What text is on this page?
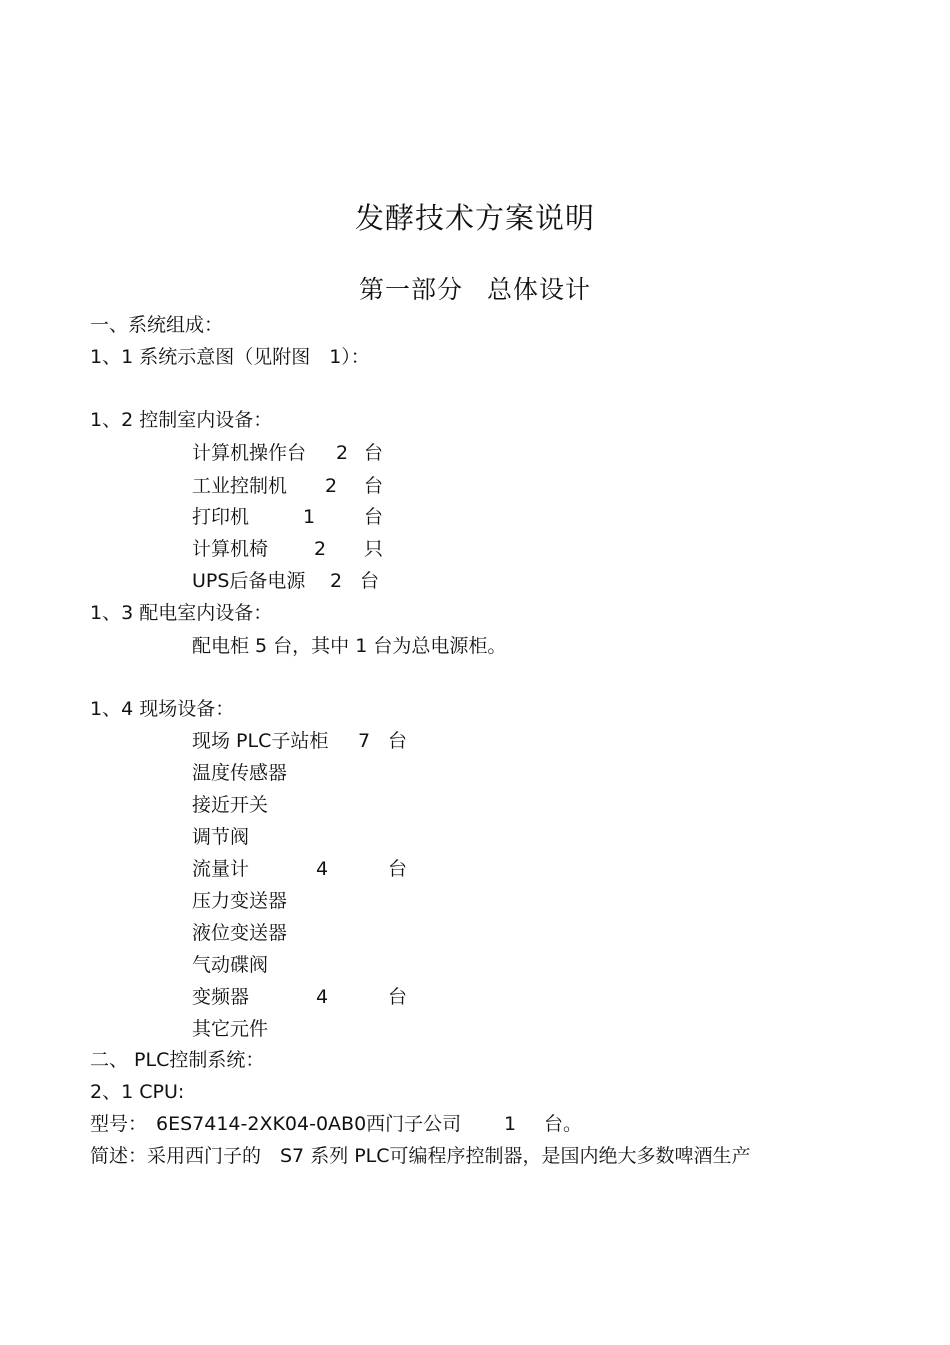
发酵技术方案说明
第一部分 总体设计
一、系统组成：
1、1 系统示意图（见附图　1）：
1、2 控制室内设备：
计算机操作台 2 台
工业控制机 2 台
打印机	1	台
计算机椅 2 只
UPS后备电源 2 台
1、3 配电室内设备：
配电柜 5 台，其中 1 台为总电源柜。
1、4 现场设备：
现场 PLC子站柜 7 台
温度传感器
接近开关
调节阀
流量计	4	台
压力变送器
液位变送器
气动碟阀
变频器	4	台
其它元件
二、 PLC控制系统：
2、1 CPU:
型号： 6ES7414-2XK04-0AB0西门子公司 1 台。
简述：采用西门子的　S7 系列 PLC可编程序控制器，是国内绝大多数啤酒生产
